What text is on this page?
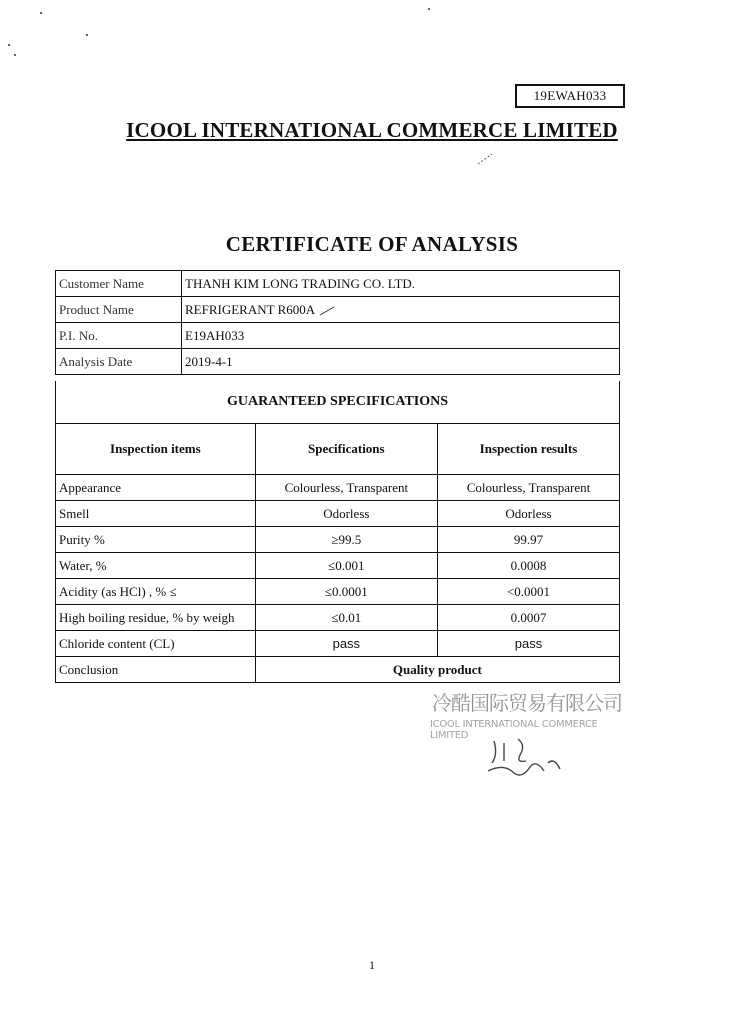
19EWAH033
ICOOL INTERNATIONAL COMMERCE LIMITED
CERTIFICATE OF ANALYSIS
Customer Name	THANH KIM LONG TRADING CO. LTD.
Product Name	REFRIGERANT R600A
P.I. No.	E19AH033
Analysis Date	2019-4-1
GUARANTEED SPECIFICATIONS
Inspection items	Specifications	Inspection results
Appearance	Colourless, Transparent	Colourless, Transparent
Smell	Odorless	Odorless
Purity %	≥99.5	99.97
Water, %	≤0.001	0.0008
Acidity (as HCl) , % ≤	≤0.0001	<0.0001
High boiling residue, % by weigh	≤0.01	0.0007
Chloride content (CL)	pass	pass
Conclusion	Quality product	
冷酷国际贸易有限公司
ICOOL INTERNATIONAL COMMERCE LIMITED
1
